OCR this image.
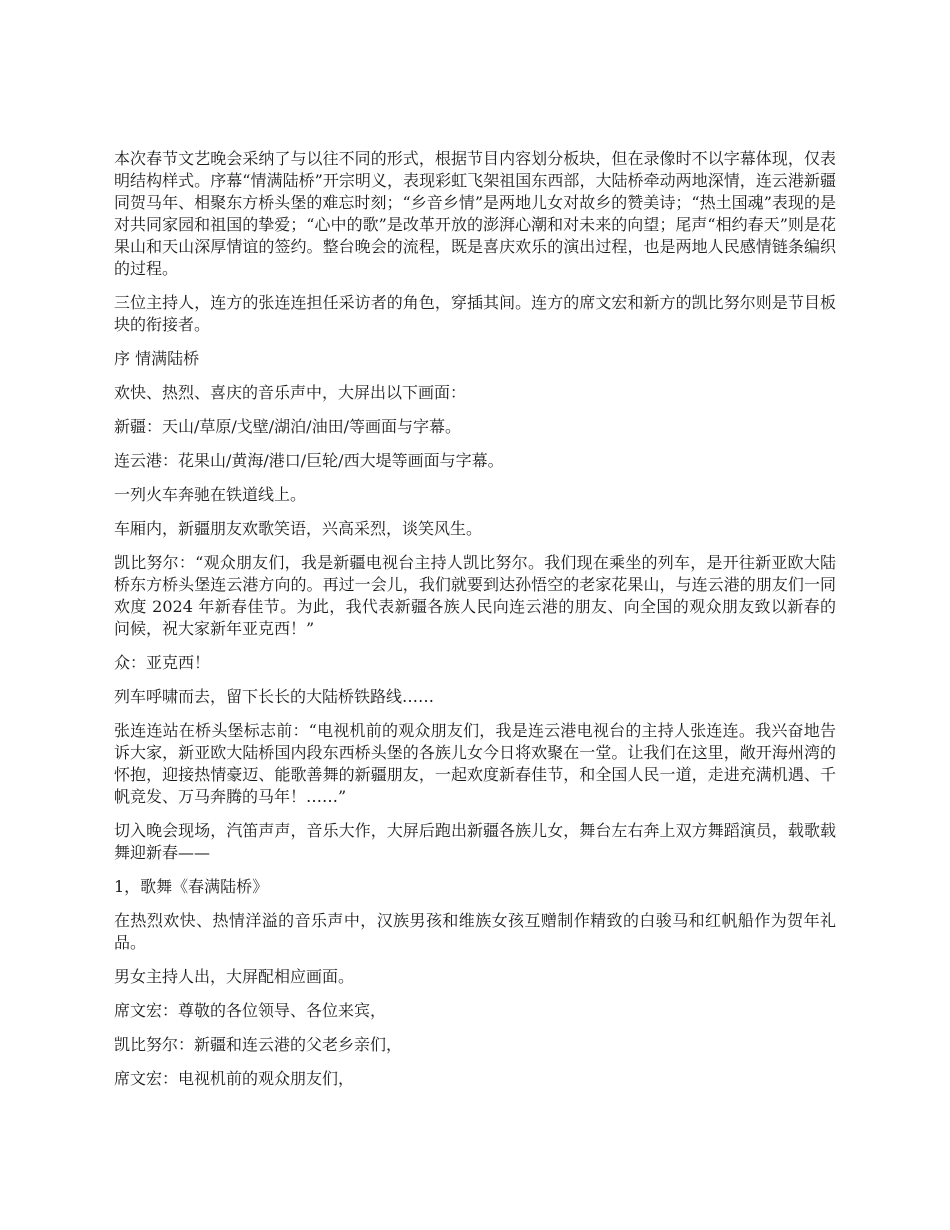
本次春节文艺晚会采纳了与以往不同的形式，根据节目内容划分板块，但在录像时不以字幕体现，仅表明结构样式。序幕“情满陆桥”开宗明义，表现彩虹飞架祖国东西部，大陆桥牵动两地深情，连云港新疆同贺马年、相聚东方桥头堡的难忘时刻；“乡音乡情”是两地儿女对故乡的赞美诗；“热土国魂”表现的是对共同家园和祖国的挚爱；“心中的歌”是改革开放的澎湃心潮和对未来的向望；尾声“相约春天”则是花果山和天山深厚情谊的签约。整台晚会的流程，既是喜庆欢乐的演出过程，也是两地人民感情链条编织的过程。

三位主持人，连方的张连连担任采访者的角色，穿插其间。连方的席文宏和新方的凯比努尔则是节目板块的衔接者。

序 情满陆桥

欢快、热烈、喜庆的音乐声中，大屏出以下画面：

新疆：天山/草原/戈壁/湖泊/油田/等画面与字幕。

连云港：花果山/黄海/港口/巨轮/西大堤等画面与字幕。

一列火车奔驰在铁道线上。

车厢内，新疆朋友欢歌笑语，兴高采烈，谈笑风生。

凯比努尔：“观众朋友们，我是新疆电视台主持人凯比努尔。我们现在乘坐的列车，是开往新亚欧大陆桥东方桥头堡连云港方向的。再过一会儿，我们就要到达孙悟空的老家花果山，与连云港的朋友们一同欢度 2024 年新春佳节。为此，我代表新疆各族人民向连云港的朋友、向全国的观众朋友致以新春的问候，祝大家新年亚克西！”

众：亚克西！

列车呼啸而去，留下长长的大陆桥铁路线……

张连连站在桥头堡标志前：“电视机前的观众朋友们，我是连云港电视台的主持人张连连。我兴奋地告诉大家，新亚欧大陆桥国内段东西桥头堡的各族儿女今日将欢聚在一堂。让我们在这里，敞开海州湾的怀抱，迎接热情豪迈、能歌善舞的新疆朋友，一起欢度新春佳节，和全国人民一道，走进充满机遇、千帆竞发、万马奔腾的马年！……”

切入晚会现场，汽笛声声，音乐大作，大屏后跑出新疆各族儿女，舞台左右奔上双方舞蹈演员，载歌载舞迎新春——

1，歌舞《春满陆桥》

在热烈欢快、热情洋溢的音乐声中，汉族男孩和维族女孩互赠制作精致的白骏马和红帆船作为贺年礼品。

男女主持人出，大屏配相应画面。

席文宏：尊敬的各位领导、各位来宾，

凯比努尔：新疆和连云港的父老乡亲们，

席文宏：电视机前的观众朋友们，
